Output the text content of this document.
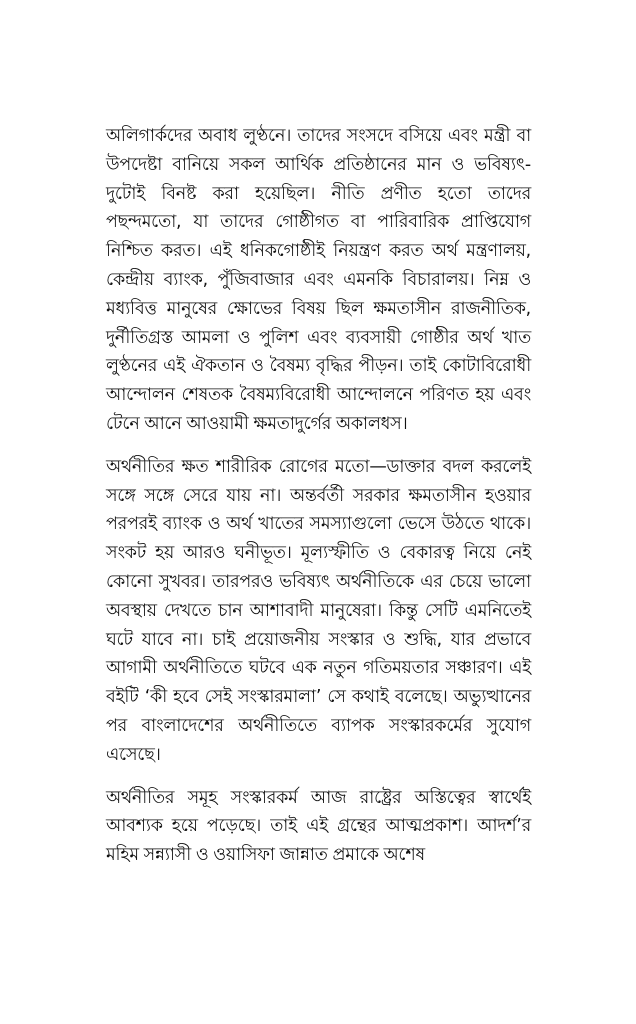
অলিগার্কদের অবাধ লুণ্ঠনে। তাদের সংসদে বসিয়ে এবং মন্ত্রী বা উপদেষ্টা বানিয়ে সকল আর্থিক প্রতিষ্ঠানের মান ও ভবিষ্যৎ-দুটোই বিনষ্ট করা হয়েছিল। নীতি প্রণীত হতো তাদের পছন্দমতো, যা তাদের গোষ্ঠীগত বা পারিবারিক প্রাপ্তিযোগ নিশ্চিত করত। এই ধনিকগোষ্ঠীই নিয়ন্ত্রণ করত অর্থ মন্ত্রণালয়, কেন্দ্রীয় ব্যাংক, পুঁজিবাজার এবং এমনকি বিচারালয়। নিম্ন ও মধ্যবিত্ত মানুষের ক্ষোভের বিষয় ছিল ক্ষমতাসীন রাজনীতিক, দুর্নীতিগ্রস্ত আমলা ও পুলিশ এবং ব্যবসায়ী গোষ্ঠীর অর্থ খাত লুণ্ঠনের এই ঐকতান ও বৈষম্য বৃদ্ধির পীড়ন। তাই কোটাবিরোধী আন্দোলন শেষতক বৈষম্যবিরোধী আন্দোলনে পরিণত হয় এবং টেনে আনে আওয়ামী ক্ষমতাদুর্গের অকালধস।

অর্থনীতির ক্ষত শারীরিক রোগের মতো—ডাক্তার বদল করলেই সঙ্গে সঙ্গে সেরে যায় না। অন্তর্বর্তী সরকার ক্ষমতাসীন হওয়ার পরপরই ব্যাংক ও অর্থ খাতের সমস্যাগুলো ভেসে উঠতে থাকে। সংকট হয় আরও ঘনীভূত। মূল্যস্ফীতি ও বেকারত্ব নিয়ে নেই কোনো সুখবর। তারপরও ভবিষ্যৎ অর্থনীতিকে এর চেয়ে ভালো অবস্থায় দেখতে চান আশাবাদী মানুষেরা। কিন্তু সেটি এমনিতেই ঘটে যাবে না। চাই প্রয়োজনীয় সংস্কার ও শুদ্ধি, যার প্রভাবে আগামী অর্থনীতিতে ঘটবে এক নতুন গতিময়তার সঞ্চারণ। এই বইটি ‘কী হবে সেই সংস্কারমালা’ সে কথাই বলেছে। অভ্যুত্থানের পর বাংলাদেশের অর্থনীতিতে ব্যাপক সংস্কারকর্মের সুযোগ এসেছে।

অর্থনীতির সমূহ সংস্কারকর্ম আজ রাষ্ট্রের অস্তিত্বের স্বার্থেই আবশ্যক হয়ে পড়েছে। তাই এই গ্রন্থের আত্মপ্রকাশ। আদর্শ’র মহিম সন্ন্যাসী ও ওয়াসিফা জান্নাত প্রমাকে অশেষ
